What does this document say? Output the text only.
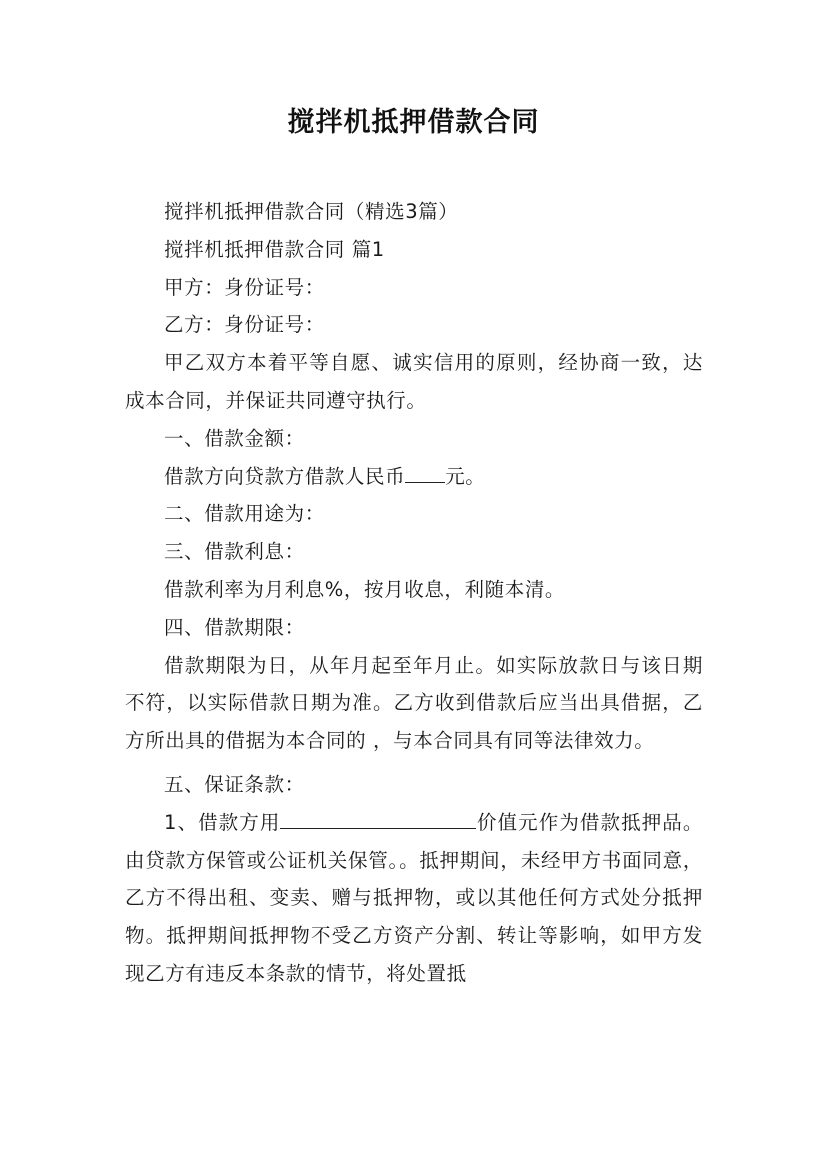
搅拌机抵押借款合同

搅拌机抵押借款合同（精选3篇）

搅拌机抵押借款合同 篇1

甲方：身份证号：

乙方：身份证号：

甲乙双方本着平等自愿、诚实信用的原则，经协商一致，达成本合同，并保证共同遵守执行。

一、借款金额：

借款方向贷款方借款人民币 元。

二、借款用途为：

三、借款利息：

借款利率为月利息%，按月收息，利随本清。

四、借款期限：

借款期限为日，从年月起至年月止。如实际放款日与该日期不符，以实际借款日期为准。乙方收到借款后应当出具借据，乙方所出具的借据为本合同的 ，与本合同具有同等法律效力。

五、保证条款：

1、借款方用	价值元作为借款抵押品。由贷款方保管或公证机关保管。。抵押期间，未经甲方书面同意，乙方不得出租、变卖、赠与抵押物，或以其他任何方式处分抵押物。抵押期间抵押物不受乙方资产分割、转让等影响，如甲方发现乙方有违反本条款的情节，将处置抵
